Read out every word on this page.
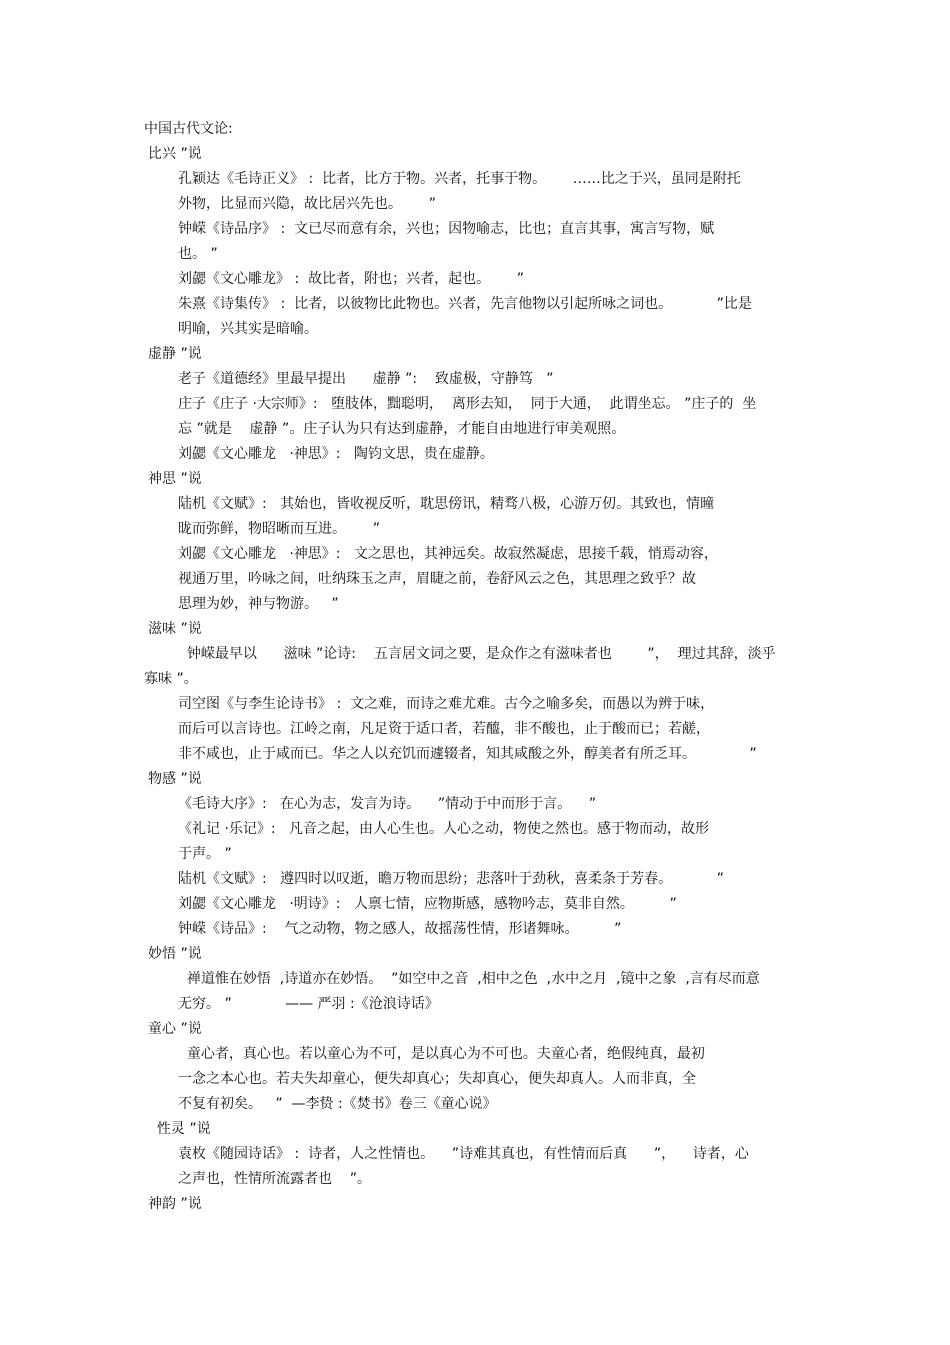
中国古代文论:
比兴 ”说
孔颖达《毛诗正义》 :  比者，比方于物。兴者，托事于物。      ……比之于兴，虽同是附托
外物，比显而兴隐，故比居兴先也。      ”
钟嵘《诗品序》 :  文已尽而意有余，兴也；因物喻志，比也；直言其事，寓言写物，赋
也。 ”
刘勰《文心雕龙》 :  故比者，附也；兴者，起也。      ”
朱熹《诗集传》 :  比者，以彼物比此物也。兴者，先言他物以引起所咏之词也。          ”比是
明喻，兴其实是暗喻。
虚静 ”说
老子《道德经》里最早提出      虚静 ”:    致虚极，守静笃   ”
庄子《庄子 ·大宗师》:   堕肢体，黜聪明，  离形去知，  同于大通，  此谓坐忘。 ”庄子的  坐
忘 ”就是    虚静 ”。庄子认为只有达到虚静，才能自由地进行审美观照。
刘勰《文心雕龙   ·神思》:   陶钧文思，贵在虚静。
神思 ”说
陆机《文赋》:   其始也，皆收视反听，耽思傍讯，精骛八极，心游万仞。其致也，情曈
昽而弥鲜，物昭晰而互进。      ”
刘勰《文心雕龙   ·神思》:   文之思也，其神远矣。故寂然凝虑，思接千载，悄焉动容，
视通万里，吟咏之间，吐纳珠玉之声，眉睫之前，卷舒风云之色，其思理之致乎？故
思理为妙，神与物游。   ”
滋味 ”说
钟嵘最早以      滋味 ”论诗:    五言居文词之要，是众作之有滋味者也        ”，  理过其辞，淡乎
寡味 ”。
司空图《与李生论诗书》 :  文之难，而诗之难尤难。古今之喻多矣，而愚以为辨于味，
而后可以言诗也。江岭之南，凡足资于适口者，若醯，非不酸也，止于酸而已；若鹾，
非不咸也，止于咸而已。华之人以充饥而遽辍者，知其咸酸之外，醇美者有所乏耳。            ”
物感 ”说
《毛诗大序》:   在心为志，发言为诗。    ”情动于中而形于言。    ”
《礼记 ·乐记》:   凡音之起，由人心生也。人心之动，物使之然也。感于物而动，故形
于声。 ”
陆机《文赋》:   遵四时以叹逝，瞻万物而思纷；悲落叶于劲秋，喜柔条于芳春。          ”
刘勰《文心雕龙   ·明诗》:   人禀七情，应物斯感，感物吟志，莫非自然。        ”
钟嵘《诗品》:    气之动物，物之感人，故摇荡性情，形诸舞咏。        ”
妙悟 ”说
禅道惟在妙悟  ,诗道亦在妙悟。  ”如空中之音  ,相中之色  ,水中之月  ,镜中之象  ,言有尽而意
无穷。 ”            —— 严羽 :《沧浪诗话》
童心 ”说
童心者，真心也。若以童心为不可，是以真心为不可也。夫童心者，绝假纯真，最初
一念之本心也。若夫失却童心，便失却真心；失却真心，便失却真人。人而非真，全
不复有初矣。   ”  —李贽 :《焚书》卷三《童心说》
性灵 ”说
袁枚《随园诗话》 :  诗者，人之性情也。    ”诗难其真也，有性情而后真      ”，    诗者，心
之声也，性情所流露者也    ”。
神韵 ”说
